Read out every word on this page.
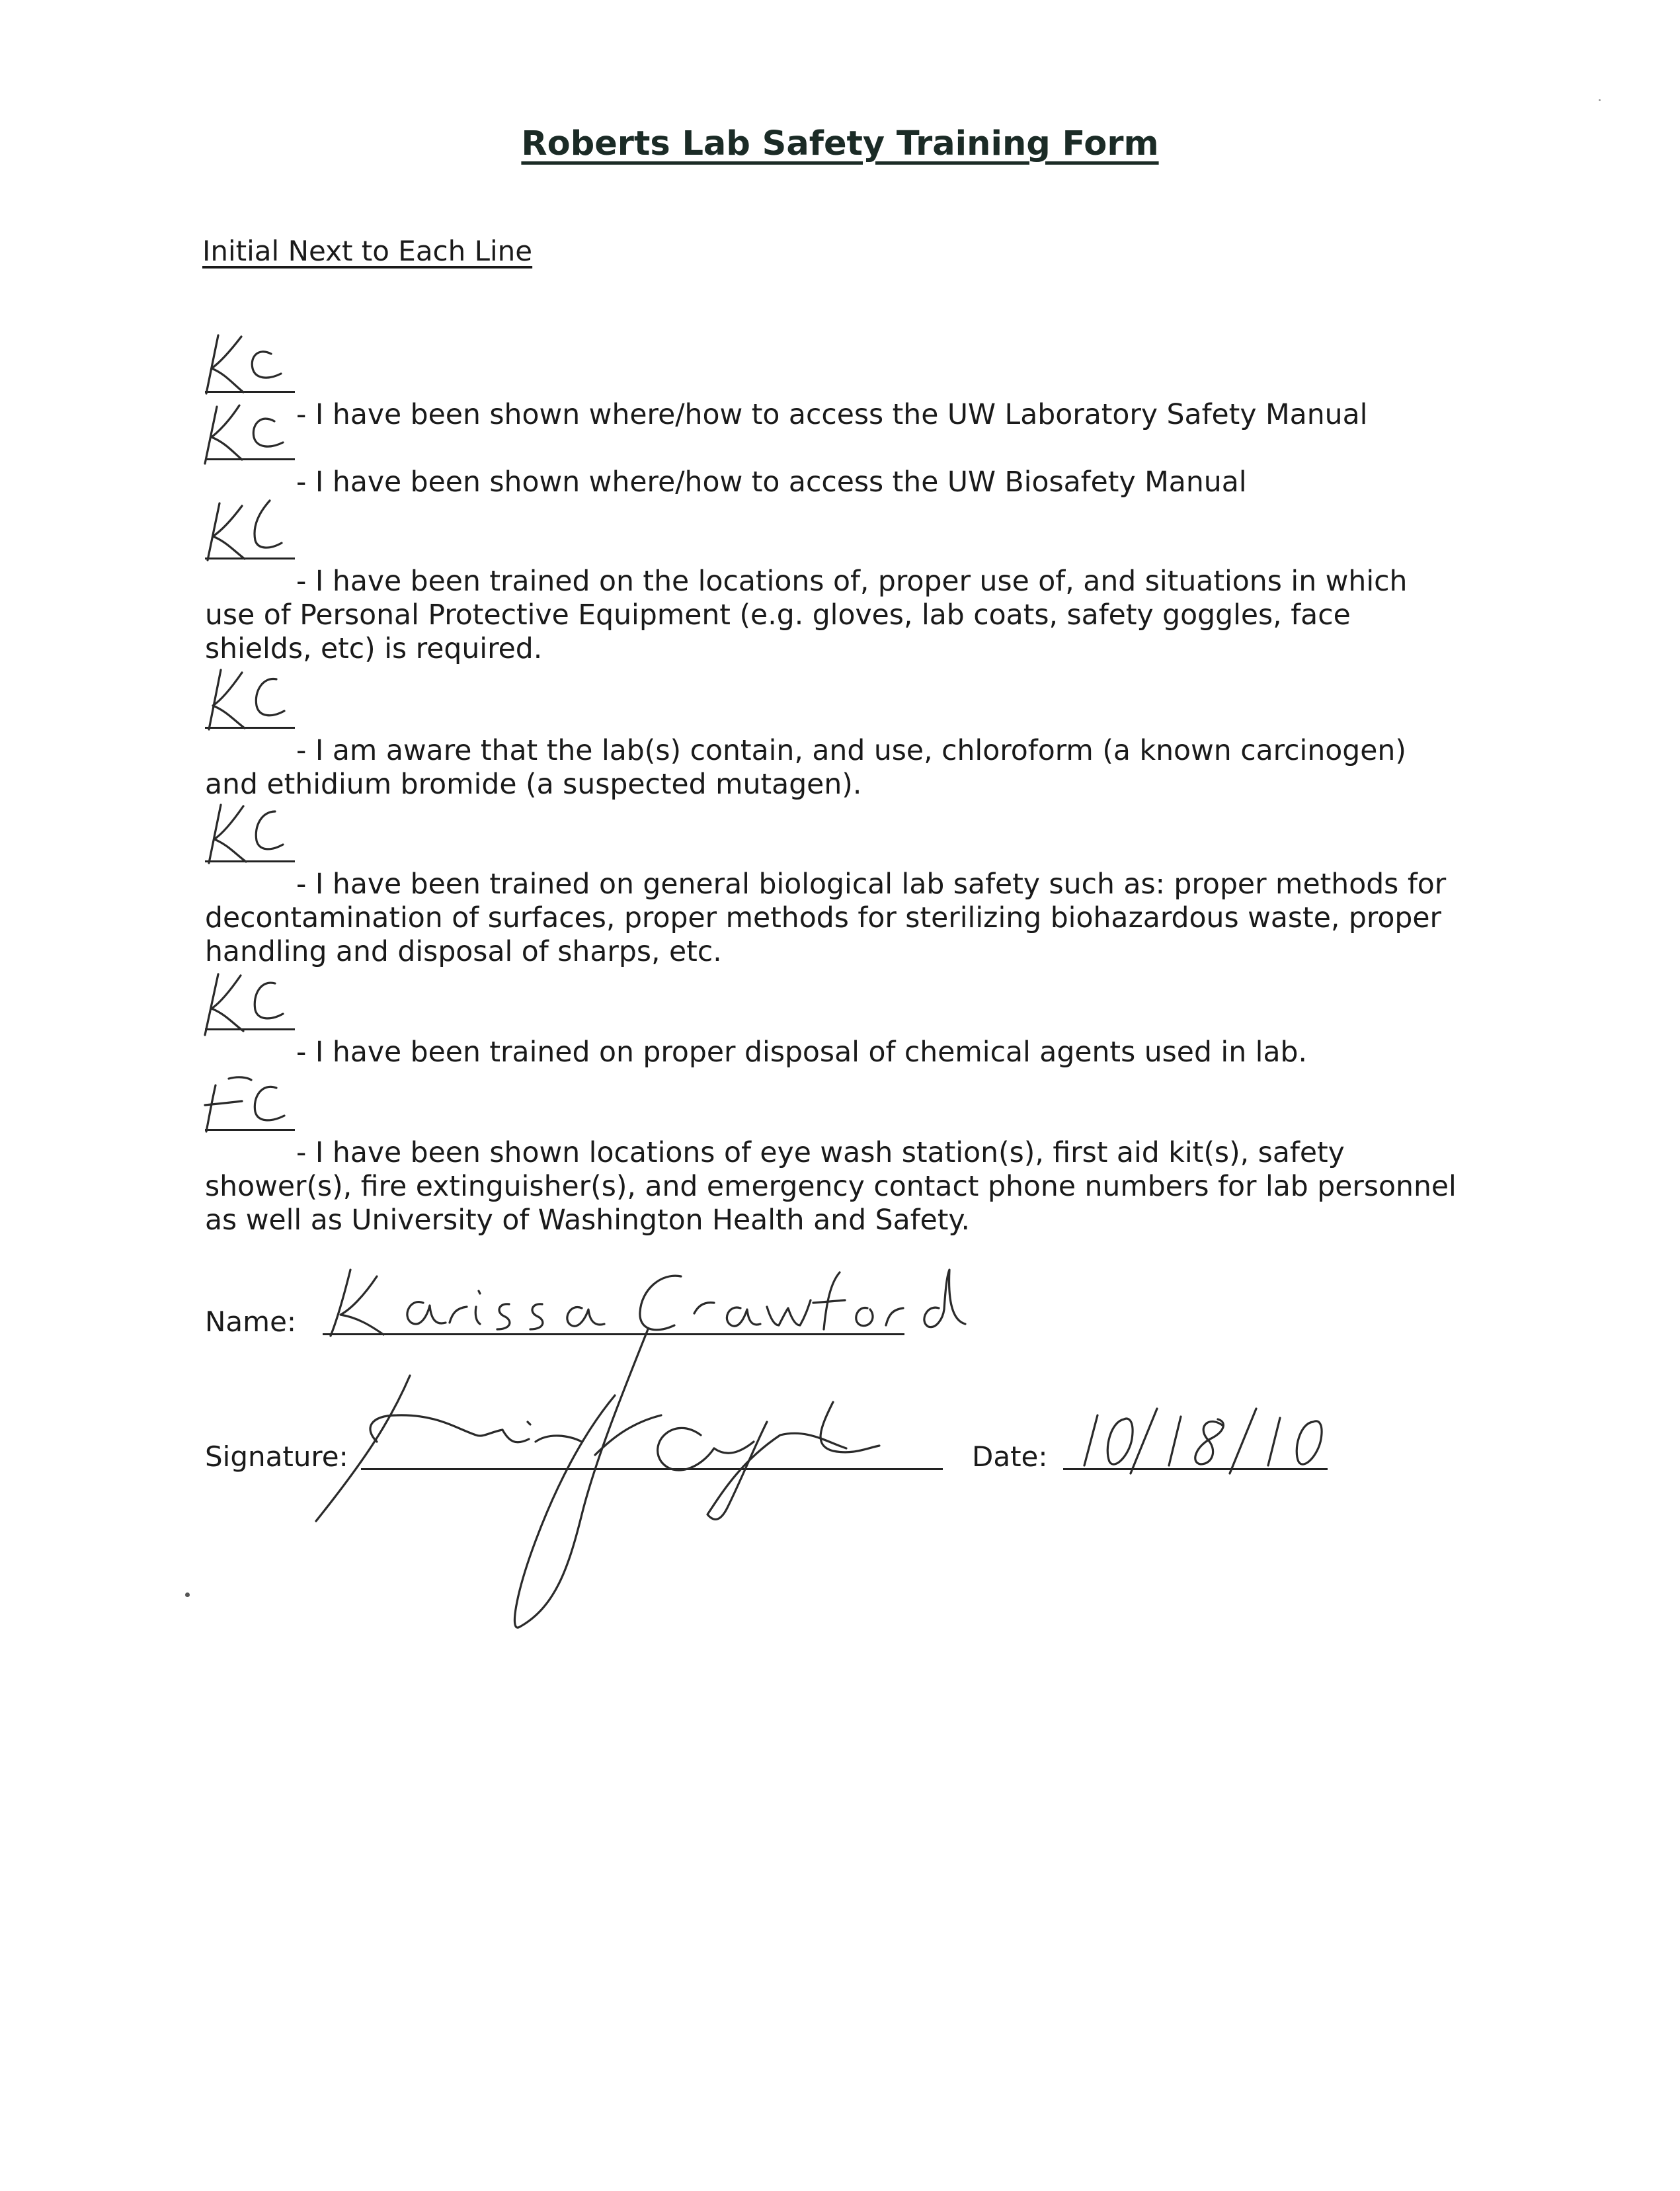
Roberts Lab Safety Training Form
Initial Next to Each Line

- I have been shown where/how to access the UW Laboratory Safety Manual

- I have been shown where/how to access the UW Biosafety Manual

- I have been trained on the locations of, proper use of, and situations in which
use of Personal Protective Equipment (e.g. gloves, lab coats, safety goggles, face
shields, etc) is required.

- I am aware that the lab(s) contain, and use, chloroform (a known carcinogen)
and ethidium bromide (a suspected mutagen).

- I have been trained on general biological lab safety such as: proper methods for
decontamination of surfaces, proper methods for sterilizing biohazardous waste, proper
handling and disposal of sharps, etc.

- I have been trained on proper disposal of chemical agents used in lab.

- I have been shown locations of eye wash station(s), first aid kit(s), safety
shower(s), fire extinguisher(s), and emergency contact phone numbers for lab personnel
as well as University of Washington Health and Safety.

Name:
Signature:	Date:
